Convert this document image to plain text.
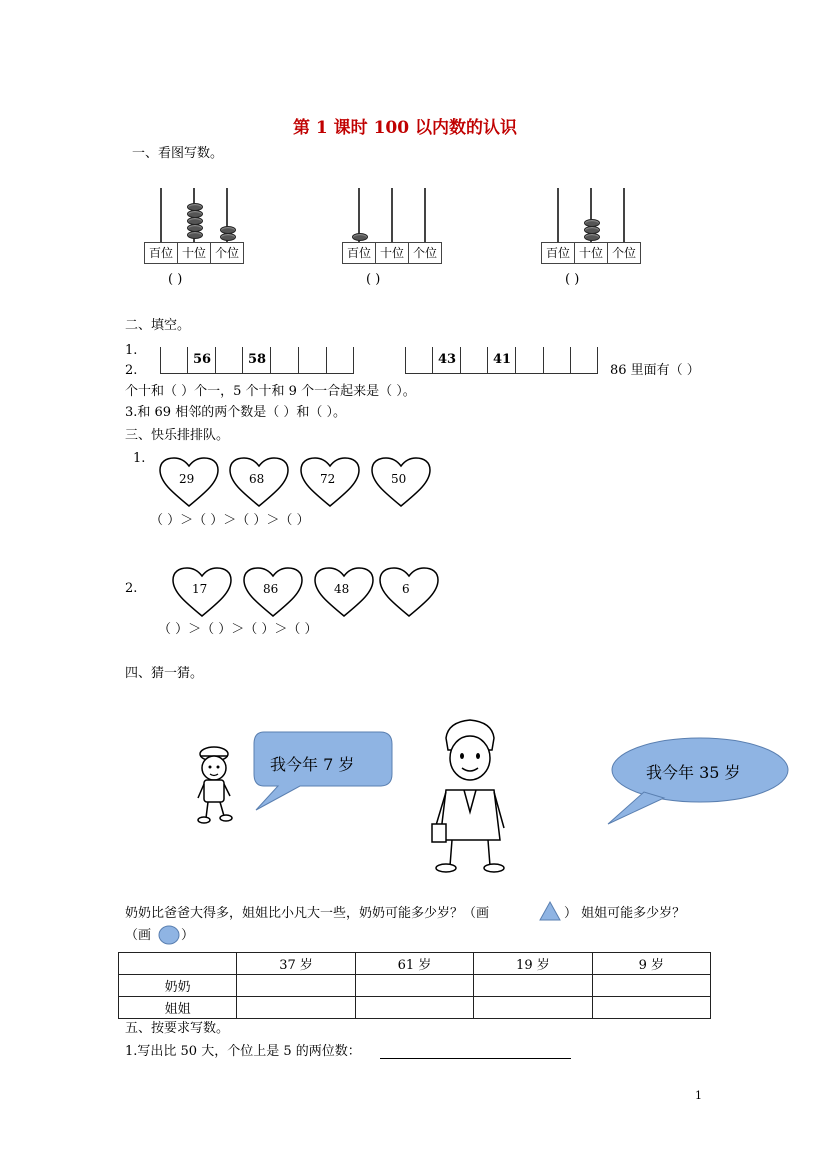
第 1 课时 100 以内数的认识
一、看图写数。
百位 十位 个位
( )
百位 十位 个位
( )
百位 十位 个位
( )
二、填空。
1.
56	58	43	41
2.	86 里面有（ ）
个十和（ ）个一，5 个十和 9 个一合起来是（ ）。
3.和 69 相邻的两个数是（ ）和（ ）。
三、快乐排排队。
1.
29	68	72	50
（ ）＞（ ）＞（ ）＞（ ）
2.	17	86	48	6
（ ）＞（ ）＞（ ）＞（ ）
四、猜一猜。
我今年 7 岁	我今年 35 岁
奶奶比爸爸大得多，姐姐比小凡大一些，奶奶可能多少岁？（画	） 姐姐可能多少岁？
（画 ）
	37 岁	61 岁	19 岁	9 岁
奶奶				
姐姐				
五、按要求写数。
1.写出比 50 大，个位上是 5 的两位数：
1
